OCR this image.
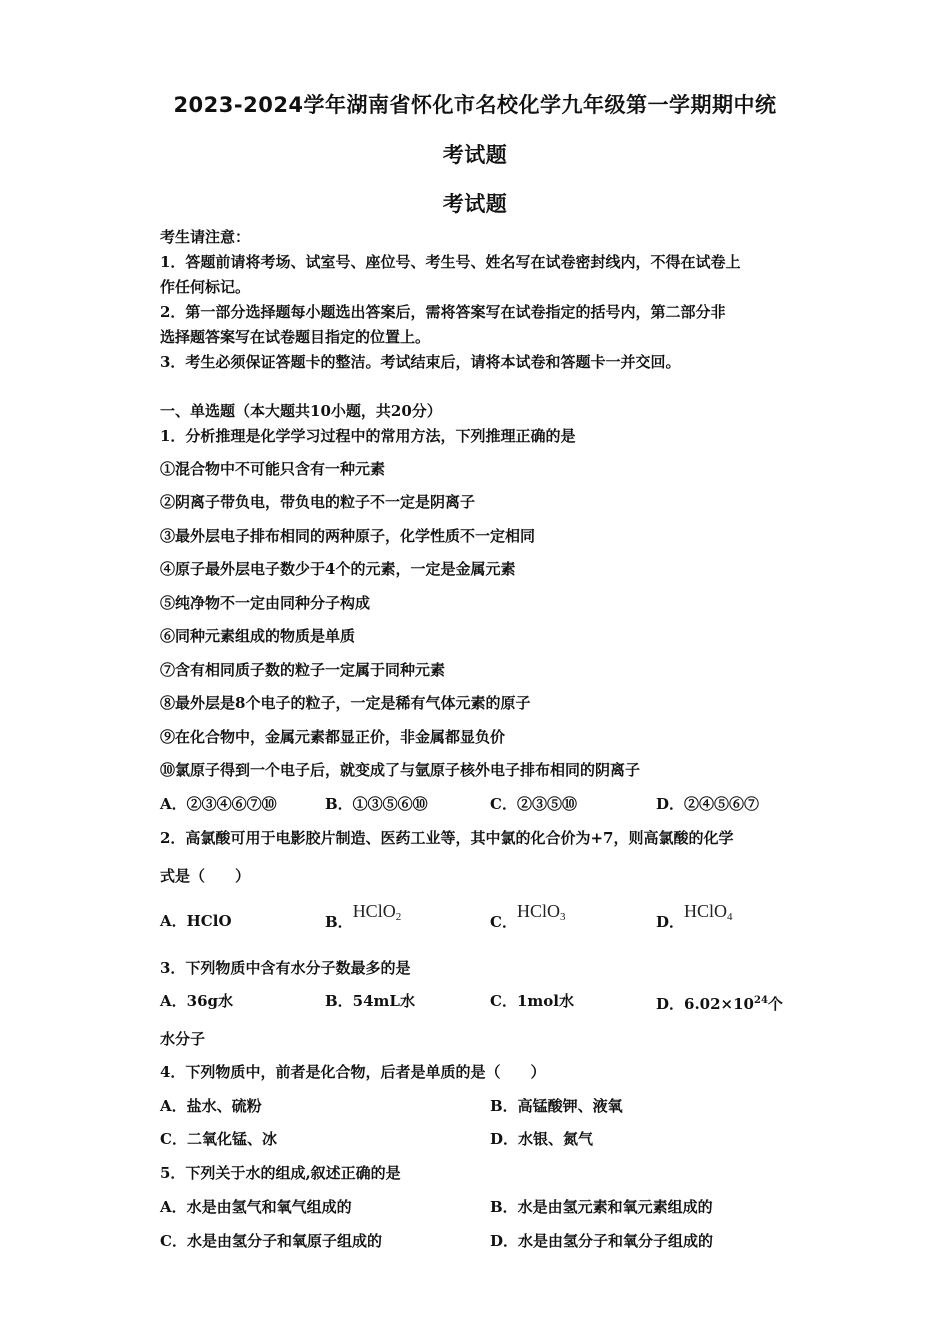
2023-2024学年湖南省怀化市名校化学九年级第一学期期中统
考试题
考试题
考生请注意：
1．答题前请将考场、试室号、座位号、考生号、姓名写在试卷密封线内，不得在试卷上
作任何标记。
2．第一部分选择题每小题选出答案后，需将答案写在试卷指定的括号内，第二部分非
选择题答案写在试卷题目指定的位置上。
3．考生必须保证答题卡的整洁。考试结束后，请将本试卷和答题卡一并交回。
一、单选题（本大题共10小题，共20分）
1．分析推理是化学学习过程中的常用方法，下列推理正确的是
①混合物中不可能只含有一种元素
②阴离子带负电，带负电的粒子不一定是阴离子
③最外层电子排布相同的两种原子，化学性质不一定相同
④原子最外层电子数少于4个的元素，一定是金属元素
⑤纯净物不一定由同种分子构成
⑥同种元素组成的物质是单质
⑦含有相同质子数的粒子一定属于同种元素
⑧最外层是8个电子的粒子，一定是稀有气体元素的原子
⑨在化合物中，金属元素都显正价，非金属都显负价
⑩氯原子得到一个电子后，就变成了与氩原子核外电子排布相同的阴离子
A．②③④⑥⑦⑩	B．①③⑤⑥⑩	C．②③⑤⑩	D．②④⑤⑥⑦
2．高氯酸可用于电影胶片制造、医药工业等，其中氯的化合价为+7，则高氯酸的化学
式是（　　）
A．HClO	B．HClO$_2$	C．HClO$_3$	D．HClO$_4$
3．下列物质中含有水分子数最多的是
A．36g水	B．54mL水	C．1mol水	D．$6.02\times 10^{24}$个
水分子
4．下列物质中，前者是化合物，后者是单质的是（　　）
A．盐水、硫粉	B．高锰酸钾、液氧
C．二氧化锰、冰	D．水银、氮气
5．下列关于水的组成,叙述正确的是
A．水是由氢气和氧气组成的	B．水是由氢元素和氧元素组成的
C．水是由氢分子和氧原子组成的	D．水是由氢分子和氧分子组成的
